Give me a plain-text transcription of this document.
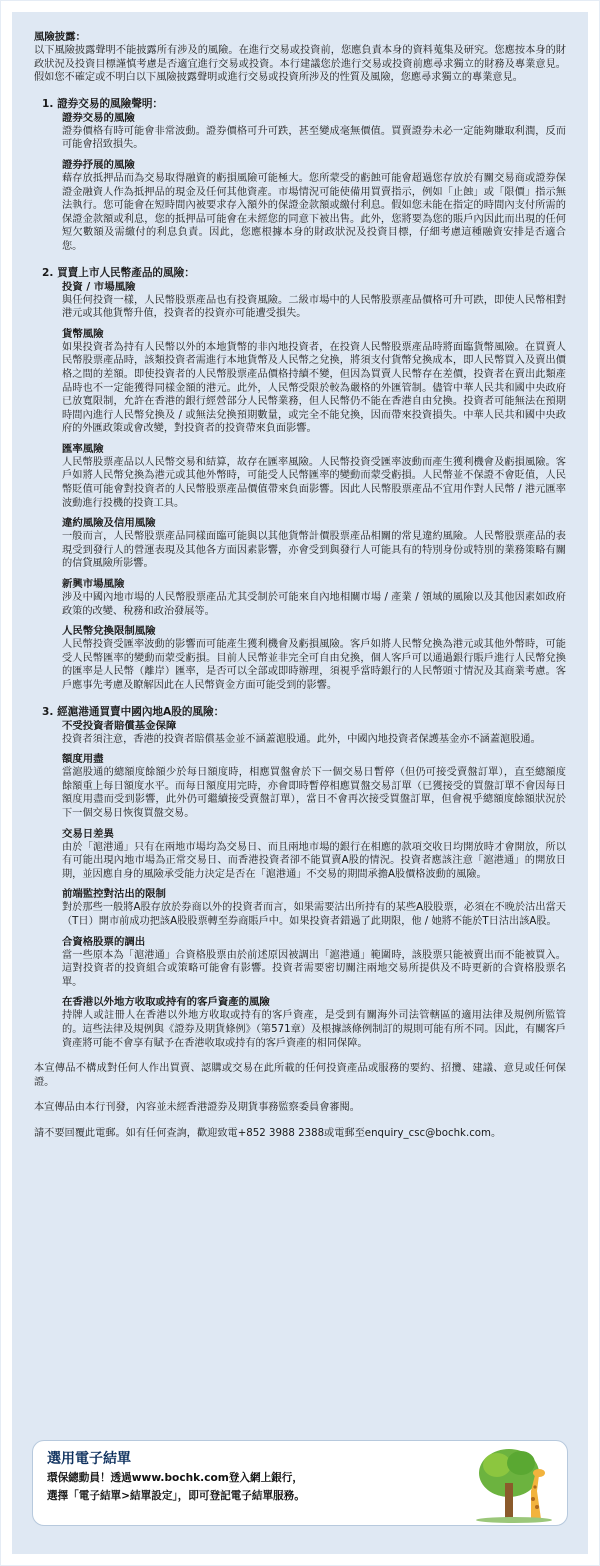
風險披露：
以下風險披露聲明不能披露所有涉及的風險。在進行交易或投資前，您應負責本身的資料蒐集及研究。您應按本身的財政狀況及投資目標謹慎考慮是否適宜進行交易或投資。本行建議您於進行交易或投資前應尋求獨立的財務及專業意見。假如您不確定或不明白以下風險披露聲明或進行交易或投資所涉及的性質及風險，您應尋求獨立的專業意見。
1. 證券交易的風險聲明：
證券交易的風險
證券價格有時可能會非常波動。證券價格可升可跌，甚至變成毫無價值。買賣證券未必一定能夠賺取利潤，反而可能會招致損失。
證券抒展的風險
藉存放抵押品而為交易取得融資的虧損風險可能極大。您所蒙受的虧蝕可能會超過您存放於有關交易商或證券保證金融資人作為抵押品的現金及任何其他資產。市場情況可能使備用買賣指示，例如「止蝕」或「限價」指示無法執行。您可能會在短時間內被要求存入額外的保證金款額或繳付利息。假如您未能在指定的時間內支付所需的保證金款額或利息，您的抵押品可能會在未經您的同意下被出售。此外，您將要為您的賬戶內因此而出現的任何短欠數額及需繳付的利息負責。因此，您應根據本身的財政狀況及投資目標，仔細考慮這種融資安排是否適合您。
2. 買賣上市人民幣產品的風險：
投資 / 市場風險
與任何投資一樣，人民幣股票產品也有投資風險。二級市場中的人民幣股票產品價格可升可跌，即使人民幣相對港元或其他貨幣升值，投資者的投資亦可能遭受損失。
貨幣風險
如果投資者為持有人民幣以外的本地貨幣的非內地投資者，在投資人民幣股票產品時將面臨貨幣風險。在買賣人民幣股票產品時，該類投資者需進行本地貨幣及人民幣之兌換，將須支付貨幣兌換成本，即人民幣買入及賣出價格之間的差額。即使投資者的人民幣股票產品價格持續不變，但因為買賣人民幣存在差價，投資者在賣出此類產品時也不一定能獲得同樣金額的港元。此外，人民幣受限於較為嚴格的外匯管制。儘管中華人民共和國中央政府已放寬限制，允許在香港的銀行經營部分人民幣業務，但人民幣仍不能在香港自由兌換。投資者可能無法在預期時間內進行人民幣兌換及 / 或無法兌換預期數量，或完全不能兌換，因而帶來投資損失。中華人民共和國中央政府的外匯政策或會改變，對投資者的投資帶來負面影響。
匯率風險
人民幣股票產品以人民幣交易和結算，故存在匯率風險。人民幣投資受匯率波動而產生獲利機會及虧損風險。客戶如將人民幣兌換為港元或其他外幣時，可能受人民幣匯率的變動而蒙受虧損。人民幣並不保證不會貶值，人民幣貶值可能會對投資者的人民幣股票產品價值帶來負面影響。因此人民幣股票產品不宜用作對人民幣 / 港元匯率波動進行投機的投資工具。
違約風險及信用風險
一般而言，人民幣股票產品同樣面臨可能與以其他貨幣計價股票產品相關的常見違約風險。人民幣股票產品的表現受到發行人的營運表現及其他各方面因素影響，亦會受到與發行人可能具有的特別身份或特別的業務策略有關的信貸風險所影響。
新興市場風險
涉及中國內地市場的人民幣股票產品尤其受制於可能來自內地相關市場 / 產業 / 領域的風險以及其他因素如政府政策的改變、稅務和政治發展等。
人民幣兌換限制風險
人民幣投資受匯率波動的影響而可能產生獲利機會及虧損風險。客戶如將人民幣兌換為港元或其他外幣時，可能受人民幣匯率的變動而蒙受虧損。目前人民幣並非完全可自由兌換，個人客戶可以通過銀行賬戶進行人民幣兌換的匯率是人民幣（離岸）匯率，是否可以全部或即時辦理，須視乎當時銀行的人民幣頭寸情況及其商業考慮。客戶應事先考慮及瞭解因此在人民幣資金方面可能受到的影響。
3. 經滬港通買賣中國內地A股的風險：
不受投資者賠償基金保障
投資者須注意，香港的投資者賠償基金並不涵蓋滬股通。此外，中國內地投資者保護基金亦不涵蓋滬股通。
額度用盡
當滬股通的總額度餘額少於每日額度時，相應買盤會於下一個交易日暫停（但仍可接受賣盤訂單），直至總額度餘額重上每日額度水平。而每日額度用完時，亦會即時暫停相應買盤交易訂單（已獲接受的買盤訂單不會因每日額度用盡而受到影響，此外仍可繼續接受賣盤訂單），當日不會再次接受買盤訂單，但會視乎總額度餘額狀況於下一個交易日恢復買盤交易。
交易日差異
由於「滬港通」只有在兩地市場均為交易日、而且兩地市場的銀行在相應的款項交收日均開放時才會開放，所以有可能出現內地市場為正常交易日、而香港投資者卻不能買賣A股的情況。投資者應該注意「滬港通」的開放日期，並因應自身的風險承受能力決定是否在「滬港通」不交易的期間承擔A股價格波動的風險。
前端監控對沽出的限制
對於那些一般將A股存放於券商以外的投資者而言，如果需要沽出所持有的某些A股股票，必須在不晚於沽出當天（T日）開市前成功把該A股股票轉至券商賬戶中。如果投資者錯過了此期限，他 / 她將不能於T日沽出該A股。
合資格股票的調出
當一些原本為「滬港通」合資格股票由於前述原因被調出「滬港通」範圍時，該股票只能被賣出而不能被買入。這對投資者的投資組合或策略可能會有影響。投資者需要密切關注兩地交易所提供及不時更新的合資格股票名單。
在香港以外地方收取或持有的客戶資產的風險
持牌人或註冊人在香港以外地方收取或持有的客戶資產，是受到有關海外司法管轄區的適用法律及規例所監管的。這些法律及規例與《證券及期貨條例》（第571章）及根據該條例制訂的規則可能有所不同。因此，有關客戶資產將可能不會享有賦予在香港收取或持有的客戶資產的相同保障。
本宣傳品不構成對任何人作出買賣、認購或交易在此所載的任何投資產品或服務的要約、招攬、建議、意見或任何保證。
本宣傳品由本行刊發，內容並未經香港證券及期貨事務監察委員會審閱。
請不要回覆此電郵。如有任何查詢，歡迎致電+852 3988 2388或電郵至enquiry_csc@bochk.com。
選用電子結單
環保總動員！透過www.bochk.com登入網上銀行，
選擇「電子結單>結單設定」，即可登記電子結單服務。
